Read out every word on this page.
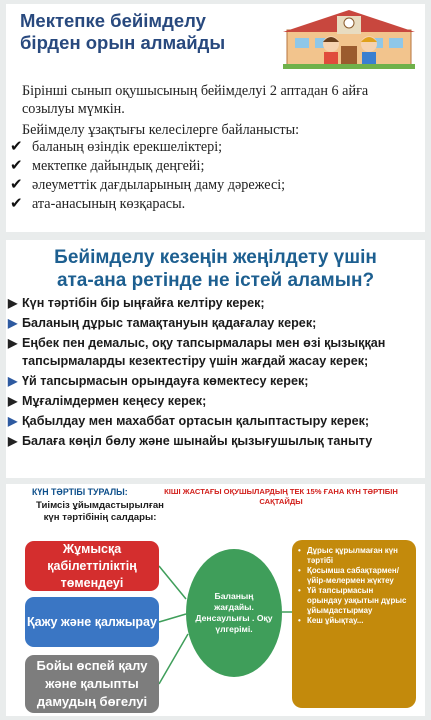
Мектепке бейімделу бірден орын алмайды
Бірінші сынып оқушысының бейімделуі 2 аптадан 6 айға созылуы мүмкін.
Бейімделу ұзақтығы келесілерге байланысты:
✔ баланың өзіндік ерекшеліктері;
✔ мектепке дайындық деңгейі;
✔ әлеуметтік дағдыларының даму дәрежесі;
✔ ата-анасының көзқарасы.
Бейімделу кезеңін жеңілдету үшін
ата-ана ретінде не істей аламын?
▶ Күн тәртібін бір ыңғайға келтіру керек;
▶ Баланың дұрыс тамақтануын қадағалау керек;
▶ Еңбек пен демалыс, оқу тапсырмалары мен өзі қызыққан тапсырмаларды кезектестіру үшін жағдай жасау керек;
▶ Үй тапсырмасын орындауға көмектесу керек;
▶ Мұғалімдермен кеңесу керек;
▶ Қабылдау мен махаббат ортасын қалыптастыру керек;
▶ Балаға көңіл бөлу және шынайы қызығушылық таныту
КҮН ТӘРТІБІ ТУРАЛЫ:	КІШІ ЖАСТАҒЫ ОҚУШЫЛАРДЫҢ ТЕК 15% ҒАНА КҮН ТӘРТІБІН САҚТАЙДЫ
Тиімсіз ұйымдастырылған күн тәртібінің салдары:
Жұмысқа қабілеттіліктің төмендеуі
Қажу және қалжырау
Бойы өспей қалу және қалыпты дамудың бөгелуі
Баланың жағдайы. Денсаулығы . Оқу үлгерімі.
• Дұрыс құрылмаған күн тәртібі
• Қосымша сабақтармен/ үйір-мелермен жүктеу
• Үй тапсырмасын орындау уақытын дұрыс ұйымдастырмау
• Кеш ұйықтау...
